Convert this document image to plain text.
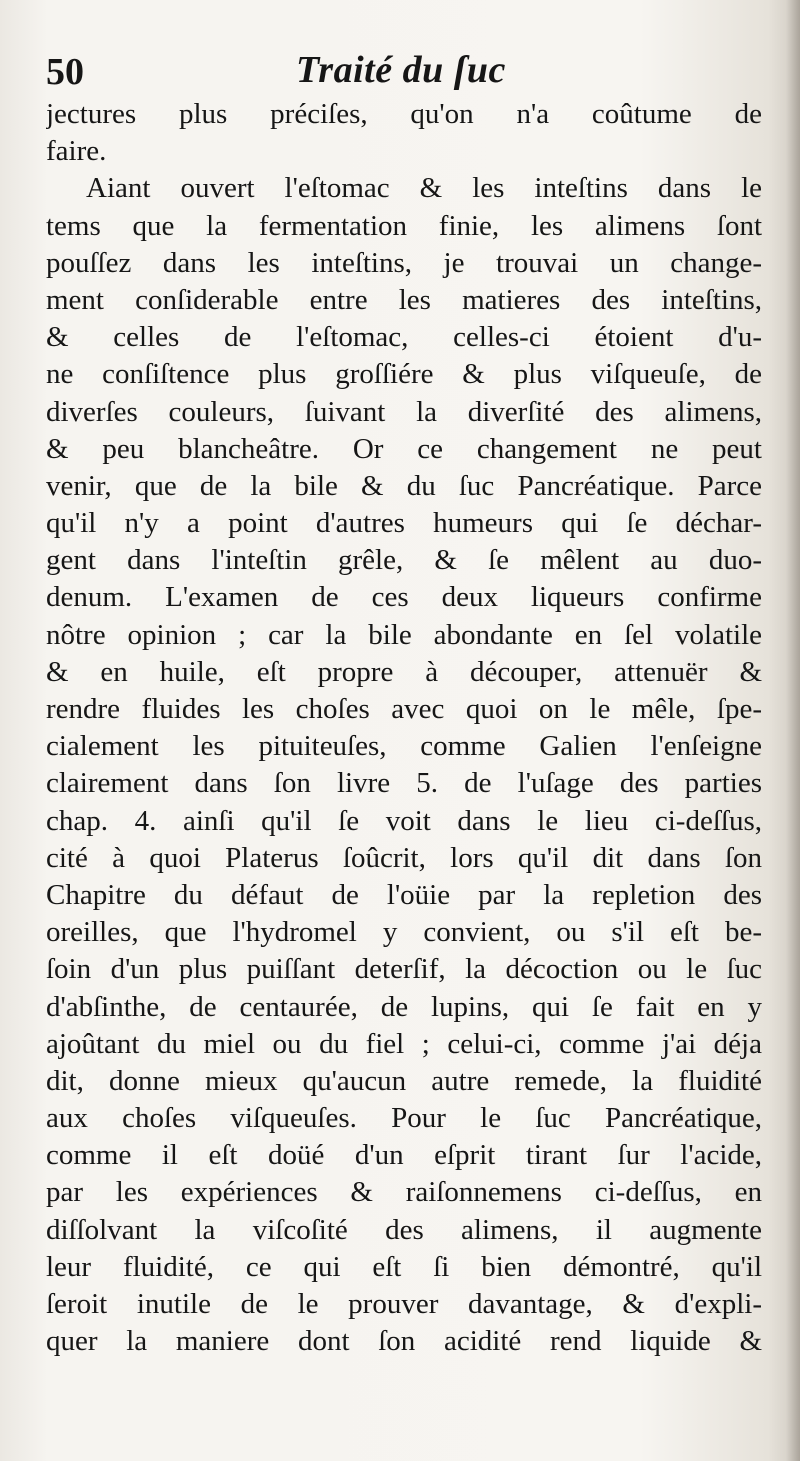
50	Traité du ſuc
jectures plus préciſes, qu'on n'a coûtume de
faire.
Aiant ouvert l'eſtomac & les inteſtins dans le
tems que la fermentation finie, les alimens ſont
pouſſez dans les inteſtins, je trouvai un change-
ment conſiderable entre les matieres des inteſtins,
& celles de l'eſtomac, celles-ci étoient d'u-
ne conſiſtence plus groſſiére & plus viſqueuſe, de
diverſes couleurs, ſuivant la diverſité des alimens,
& peu blancheâtre. Or ce changement ne peut
venir, que de la bile & du ſuc Pancréatique. Parce
qu'il n'y a point d'autres humeurs qui ſe déchar-
gent dans l'inteſtin grêle, & ſe mêlent au duo-
denum. L'examen de ces deux liqueurs confirme
nôtre opinion ; car la bile abondante en ſel volatile
& en huile, eſt propre à découper, attenuër &
rendre fluides les choſes avec quoi on le mêle, ſpe-
cialement les pituiteuſes, comme Galien l'enſeigne
clairement dans ſon livre 5. de l'uſage des parties
chap. 4. ainſi qu'il ſe voit dans le lieu ci-deſſus,
cité à quoi Platerus ſoûcrit, lors qu'il dit dans ſon
Chapitre du défaut de l'oüie par la repletion des
oreilles, que l'hydromel y convient, ou s'il eſt be-
ſoin d'un plus puiſſant deterſif, la décoction ou le ſuc
d'abſinthe, de centaurée, de lupins, qui ſe fait en y
ajoûtant du miel ou du fiel ; celui-ci, comme j'ai déja
dit, donne mieux qu'aucun autre remede, la fluidité
aux choſes viſqueuſes. Pour le ſuc Pancréatique,
comme il eſt doüé d'un eſprit tirant ſur l'acide,
par les expériences & raiſonnemens ci-deſſus, en
diſſolvant la viſcoſité des alimens, il augmente
leur fluidité, ce qui eſt ſi bien démontré, qu'il
ſeroit inutile de le prouver davantage, & d'expli-
quer la maniere dont ſon acidité rend liquide &
